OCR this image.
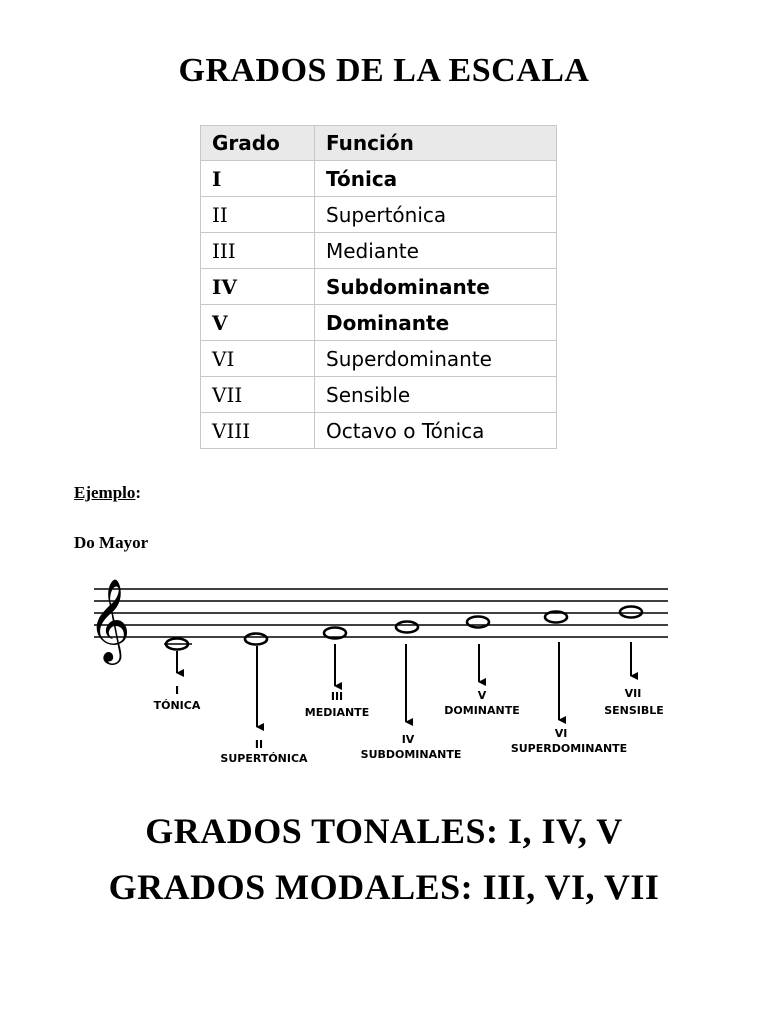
GRADOS DE LA ESCALA
Grado	Función
I	Tónica
II	Supertónica
III	Mediante
IV	Subdominante
V	Dominante
VI	Superdominante
VII	Sensible
VIII	Octavo o Tónica
Ejemplo:
Do Mayor
𝄞
I
TÓNICA
II
SUPERTÓNICA
III
MEDIANTE
IV
SUBDOMINANTE
V
DOMINANTE
VI
SUPERDOMINANTE
VII
SENSIBLE
GRADOS TONALES: I, IV, V
GRADOS MODALES: III, VI, VII
